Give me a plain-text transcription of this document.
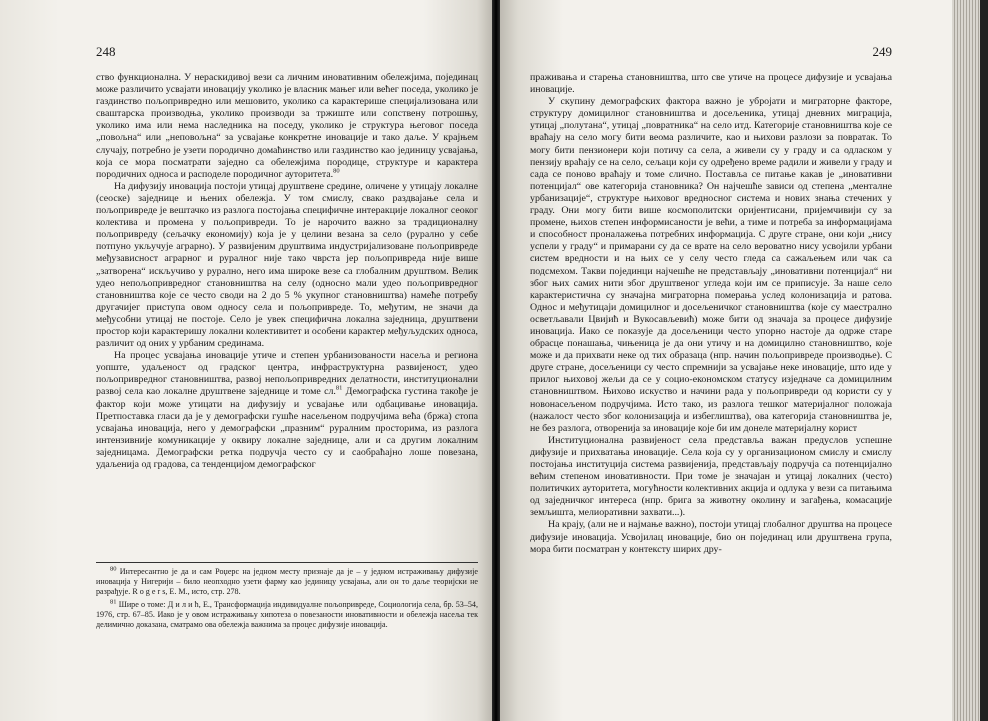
248

ство функционална. У нераскидивој вези са личним иновативним обележјима, појединац може различито усвајати иновацију уколико је власник мањег или већег поседа, уколико је газдинство пољопривредно или мешовито, уколико са карактерише специјализована или свaштарска производња, уколико производи за тржиште или сопствену потрошњу, уколико има или нема наследника на поседу, уколико је структура његовог поседа „повољна“ или „неповољна“ за усвајање конкретне иновације и тако даље. У крајњем случају, потребно је узети породично домаћинство или газдинство као јединицу усвајања, која се мора посматрати заједно са обележјима породице, структуре и карактера породичних односа и расподеле породичног ауторитета.$^{80}$

На дифузију иновација постоји утицај друштвене средине, оличене у утицају локалне (сеоске) заједнице и њених обележја. У том смислу, свако раздвајање села и пољопривреде је вештачко из разлога постојања специфичне интеракције локалног сеоког колектива и промена у пољопривреди. То је нарочито важно за традиционалну пољопривреду (сељачку економију) која је у целини везана за село (рурално у себе потпуно укључује аграрно). У развијеним друштвима индустријализоване пољопривреде међузависност аграрног и руралног није тако чврста јер пољопривреда није више „затворена“ искључиво у рурално, него има широке везе са глобалним друштвом. Велик удео непољопривредног становништва на селу (односно мали удео пољопривредног становништва које се често своди на 2 до 5 % укупног становништва) намеће потребу другачијег приступа овом односу села и пољопривреде. То, међутим, не значи да међусобни утицај не постоје. Село је увек специфична локална заједница, друштвени простор који карактеришу локални колективитет и особени карактер међуљудских односа, различит од оних у урбаним срединама.

На процес усвајања иновације утиче и степен урбанизованости насеља и региона уопште, удаљеност од градског центра, инфраструктурна развијеност, удео пољопривредног становништва, развој непољопривредних делатности, институционални развој села као локалне друштвене заједнице и томе сл.$^{81}$ Демографска густина такође је фактор који може утицати на дифузију и усвајање или одбацивање иновација. Претпоставка гласи да је у демографски гушће насељеном подручјима већа (бржа) стопа усвајања иновација, него у демографски „празним“ руралним просторима, из разлога интензивније комуникације у оквиру локалне заједнице, али и са другим локалним заједницама. Демографски ретка подручја често су и саобраћајно лоше повезана, удаљенија од градова, са тенденцијом демографског

$^{80}$ Интересантно је да и сам Роџерс на једном месту признаје да је – у једном истраживању дифузије иновација у Нигерији – било неопходно узети фарму као јединицу усвајања, али он то даље теоријски не разрађује. R o g e r s, E. M., исто, стр. 278.

$^{81}$ Шире о томе: Д и л и ћ, Е., Трансформација индивидуалне пољопривреде, Социологија села, бр. 53–54, 1976, стр. 67–85. Иако је у овом истраживању хипотеза о повезаности иновативности и обележја насеља тек делимично доказана, сматрамо ова обележја важнима за процес дифузије иновација.

249

праживања и старења становништва, што све утиче на процесе дифузије и усвајања иновације.

У скупину демографских фактора важно је убројати и миграторне факторе, структуру домицилног становништва и досељеника, утицај дневних миграција, утицај „полутана“, утицај „повратника“ на село итд. Категорије становништва које се враћају на село могу бити веома различите, као и њихови разлози за повратак. То могу бити пензионери који потичу са села, а живели су у граду и са одласком у пензију враћају се на село, сељаци који су одређено време радили и живели у граду и сада се поново враћају и томе слично. Поставља се питање какав је „иновативни потенцијал“ ове категорија становника? Он најчешће зависи од степена „менталне урбанизације“, структуре њиховог вредносног система и нових знања стечених у граду. Они могу бити више космополитски оријентисани, пријемчивији су за промене, њихов степен информисаности је већи, а тиме и потреба за информацијама и способност проналажења потребних информација. С друге стране, они који „нису успели у граду“ и примарани су да се врате на село вероватно нису усвојили урбани систем вредности и на њих се у селу често гледа са сажаљењем или чак са подсмехом. Такви појединци најчешће не представљају „иновативни потенцијал“ ни због њих самих нити због друштвеног угледа који им се приписује. За наше село карактеристична су значајна миграторна померања услед колонизација и ратова. Однос и међутицаји домицилног и досељеничког становништва (које су маестрално осветљавали Цвијић и Вукосављевић) може бити од значаја за процесе дифузије иновација. Иако се показује да досељеници често упорно настоје да одрже старе обрасце понашања, чињеница је да они утичу и на домицилно становништво, које може и да прихвати неке од тих образаца (нпр. начин пољопривреде производње). С друге стране, досељеници су често спремнији за усвајање неке иновације, што иде у прилог њиховој жељи да се у социо-економском статусу изједначе са домицилним становништвом. Њихово искуство и начини рада у пољопривреди од користи су у новонасељеном подручјима. Исто тако, из разлога тешког материјалног положаја (нажалост често због колонизација и избеглиштва), ова категорија становништва је, не без разлога, отворенија за иновације које би им донеле материјалну корист

Институционална развијеност села представља важан предуслов успешне дифузије и прихватања иновације. Села која су у организационом смислу и смислу постојања институција система развијенија, представљају подручја са потенцијално већим степеном иновативности. При томе је значајан и утицај локалних (често) политичких ауторитета, могућности колективних акција и одлука у вези са питањима од заједничког интереса (нпр. брига за животну околину и загађења, комасације земљишта, мелиоративни захвати...).

На крају, (али не и најмање важно), постоји утицај глобалног друштва на процесе дифузије иновација. Усвојилац иновације, био он појединац или друштвена група, мора бити посматран у контексту ширих дру-
